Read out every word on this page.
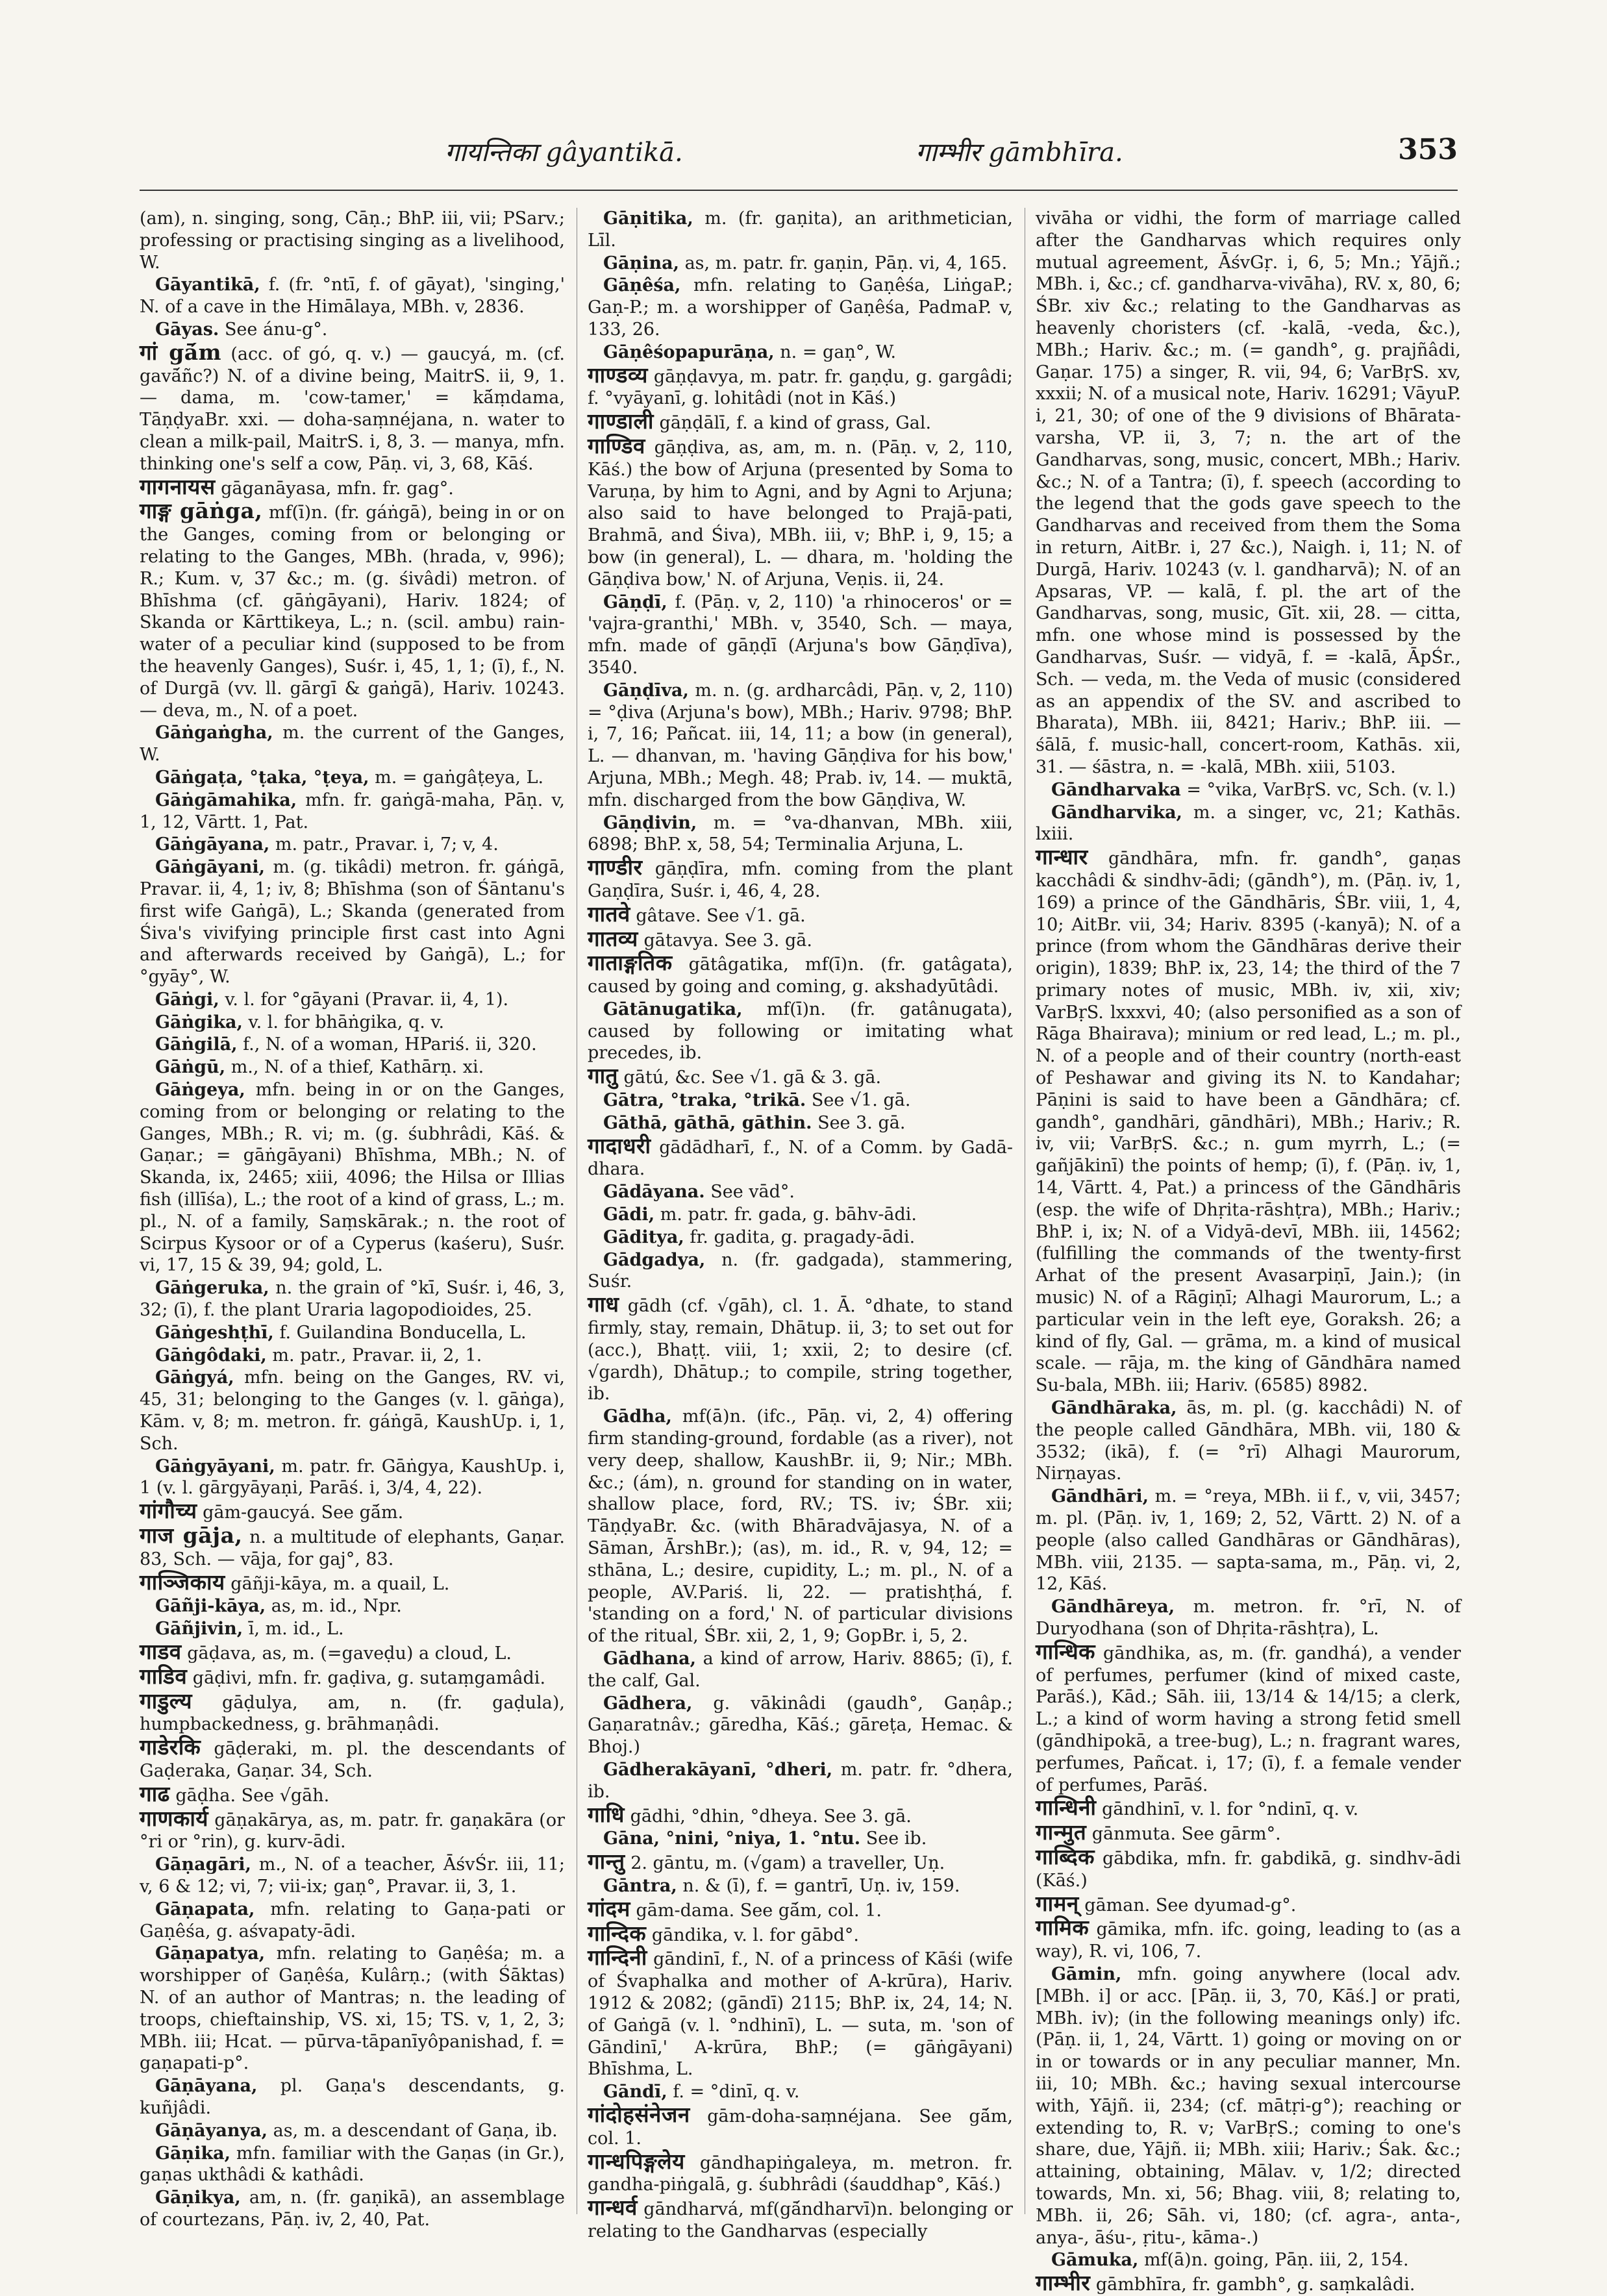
गायन्तिका gâyantikā.	गाम्भीर gāmbhīra.	353
(am), n. singing, song, Cāṇ.; BhP. iii, vii; PSarv.; professing or practising singing as a livelihood, W.
Gāyantikā, f. (fr. °ntī, f. of gāyat), 'singing,' N. of a cave in the Himālaya, MBh. v, 2836.
Gāyas. See ánu-g°.
गां gā́m (acc. of gó, q. v.) — gaucyá, m. (cf. gavā́ñc?) N. of a divine being, MaitrS. ii, 9, 1. — dama, m. 'cow-tamer,' = kā́ṃdama, TāṇḍyaBr. xxi. — doha-saṃnéjana, n. water to clean a milk-pail, MaitrS. i, 8, 3. — manya, mfn. thinking one's self a cow, Pāṇ. vi, 3, 68, Kāś.
गागनायस gāganāyasa, mfn. fr. gag°.
गाङ्ग gāṅga, mf(ī)n. (fr. gáṅgā), being in or on the Ganges, coming from or belonging or relating to the Ganges, MBh. (hrada, v, 996); R.; Kum. v, 37 &c.; m. (g. śivâdi) metron. of Bhīshma (cf. gāṅgāyani), Hariv. 1824; of Skanda or Kārttikeya, L.; n. (scil. ambu) rain-water of a peculiar kind (supposed to be from the heavenly Ganges), Suśr. i, 45, 1, 1; (ī), f., N. of Durgā (vv. ll. gārgī & gaṅgā), Hariv. 10243. — deva, m., N. of a poet.
Gāṅgaṅgha, m. the current of the Ganges, W.
Gāṅgaṭa, °ṭaka, °ṭeya, m. = gaṅgâṭeya, L.
Gāṅgāmahika, mfn. fr. gaṅgā-maha, Pāṇ. v, 1, 12, Vārtt. 1, Pat.
Gāṅgāyana, m. patr., Pravar. i, 7; v, 4.
Gāṅgāyani, m. (g. tikâdi) metron. fr. gáṅgā, Pravar. ii, 4, 1; iv, 8; Bhīshma (son of Śāntanu's first wife Gaṅgā), L.; Skanda (generated from Śiva's vivifying principle first cast into Agni and afterwards received by Gaṅgā), L.; for °gyāy°, W.
Gāṅgi, v. l. for °gāyani (Pravar. ii, 4, 1).
Gāṅgika, v. l. for bhāṅgika, q. v.
Gāṅgilā, f., N. of a woman, HPariś. ii, 320.
Gāṅgū, m., N. of a thief, Kathārṇ. xi.
Gāṅgeya, mfn. being in or on the Ganges, coming from or belonging or relating to the Ganges, MBh.; R. vi; m. (g. śubhrâdi, Kāś. & Gaṇar.; = gāṅgāyani) Bhīshma, MBh.; N. of Skanda, ix, 2465; xiii, 4096; the Hilsa or Illias fish (illīśa), L.; the root of a kind of grass, L.; m. pl., N. of a family, Saṃskārak.; n. the root of Scirpus Kysoor or of a Cyperus (kaśeru), Suśr. vi, 17, 15 & 39, 94; gold, L.
Gāṅgeruka, n. the grain of °kī, Suśr. i, 46, 3, 32; (ī), f. the plant Uraria lagopodioides, 25.
Gāṅgeshṭhī, f. Guilandina Bonducella, L.
Gāṅgôdaki, m. patr., Pravar. ii, 2, 1.
Gāṅgyá, mfn. being on the Ganges, RV. vi, 45, 31; belonging to the Ganges (v. l. gāṅga), Kām. v, 8; m. metron. fr. gáṅgā, KaushUp. i, 1, Sch.
Gāṅgyāyani, m. patr. fr. Gāṅgya, KaushUp. i, 1 (v. l. gārgyāyaṇi, Parāś. i, 3/4, 4, 22).
गांगौच्य gām-gaucyá. See gā́m.
गाज gāja, n. a multitude of elephants, Gaṇar. 83, Sch. — vāja, for gaj°, 83.
गाञ्जिकाय gāñji-kāya, m. a quail, L.
Gāñji-kāya, as, m. id., Npr.
Gāñjivin, ī, m. id., L.
गाडव gāḍava, as, m. (=gaveḍu) a cloud, L.
गाडिव gāḍivi, mfn. fr. gaḍiva, g. sutaṃgamâdi.
गाडुल्य gāḍulya, am, n. (fr. gaḍula), humpbackedness, g. brāhmaṇâdi.
गाडेरकि gāḍeraki, m. pl. the descendants of Gaḍeraka, Gaṇar. 34, Sch.
गाढ gāḍha. See √gāh.
गाणकार्य gāṇakārya, as, m. patr. fr. gaṇakāra (or °ri or °rin), g. kurv-ādi.
Gāṇagāri, m., N. of a teacher, ĀśvŚr. iii, 11; v, 6 & 12; vi, 7; vii-ix; gaṇ°, Pravar. ii, 3, 1.
Gāṇapata, mfn. relating to Gaṇa-pati or Gaṇêśa, g. aśvapaty-ādi.
Gāṇapatya, mfn. relating to Gaṇêśa; m. a worshipper of Gaṇêśa, Kulârṇ.; (with Śāktas) N. of an author of Mantras; n. the leading of troops, chieftainship, VS. xi, 15; TS. v, 1, 2, 3; MBh. iii; Hcat. — pūrva-tāpanīyôpanishad, f. = gaṇapati-p°.
Gāṇāyana, pl. Gaṇa's descendants, g. kuñjâdi.
Gāṇāyanya, as, m. a descendant of Gaṇa, ib.
Gāṇika, mfn. familiar with the Gaṇas (in Gr.), gaṇas ukthâdi & kathâdi.
Gāṇikya, am, n. (fr. gaṇikā), an assemblage of courtezans, Pāṇ. iv, 2, 40, Pat.
Gāṇitika, m. (fr. gaṇita), an arithmetician, Līl.
Gāṇina, as, m. patr. fr. gaṇin, Pāṇ. vi, 4, 165.
Gāṇêśa, mfn. relating to Gaṇêśa, LiṅgaP.; Gaṇ-P.; m. a worshipper of Gaṇêśa, PadmaP. v, 133, 26.
Gāṇêśopapurāṇa, n. = gaṇ°, W.
गाण्डव्य gāṇḍavya, m. patr. fr. gaṇḍu, g. gargâdi; f. °vyāyanī, g. lohitâdi (not in Kāś.)
गाण्डाली gāṇḍālī, f. a kind of grass, Gal.
गाण्डिव gāṇḍiva, as, am, m. n. (Pāṇ. v, 2, 110, Kāś.) the bow of Arjuna (presented by Soma to Varuṇa, by him to Agni, and by Agni to Arjuna; also said to have belonged to Prajā-pati, Brahmā, and Śiva), MBh. iii, v; BhP. i, 9, 15; a bow (in general), L. — dhara, m. 'holding the Gāṇḍiva bow,' N. of Arjuna, Veṇis. ii, 24.
Gāṇḍī, f. (Pāṇ. v, 2, 110) 'a rhinoceros' or = 'vajra-granthi,' MBh. v, 3540, Sch. — maya, mfn. made of gāṇḍī (Arjuna's bow Gāṇḍīva), 3540.
Gāṇḍīva, m. n. (g. ardharcâdi, Pāṇ. v, 2, 110) = °ḍiva (Arjuna's bow), MBh.; Hariv. 9798; BhP. i, 7, 16; Pañcat. iii, 14, 11; a bow (in general), L. — dhanvan, m. 'having Gāṇḍiva for his bow,' Arjuna, MBh.; Megh. 48; Prab. iv, 14. — muktā, mfn. discharged from the bow Gāṇḍiva, W.
Gāṇḍivin, m. = °va-dhanvan, MBh. xiii, 6898; BhP. x, 58, 54; Terminalia Arjuna, L.
गाण्डीर gāṇḍīra, mfn. coming from the plant Gaṇḍīra, Suśr. i, 46, 4, 28.
गातवे gâtave. See √1. gā.
गातव्य gātavya. See 3. gā.
गाताङ्गतिक gātâgatika, mf(ī)n. (fr. gatâgata), caused by going and coming, g. akshadyūtâdi.
Gātānugatika, mf(ī)n. (fr. gatânugata), caused by following or imitating what precedes, ib.
गातु gātú, &c. See √1. gā & 3. gā.
Gātra, °traka, °trikā. See √1. gā.
Gāthā, gāthā, gāthin. See 3. gā.
गादाधरी gādādharī, f., N. of a Comm. by Gadā-dhara.
Gādāyana. See vād°.
Gādi, m. patr. fr. gada, g. bāhv-ādi.
Gāditya, fr. gadita, g. pragady-ādi.
Gādgadya, n. (fr. gadgada), stammering, Suśr.
गाध gādh (cf. √gāh), cl. 1. Ā. °dhate, to stand firmly, stay, remain, Dhātup. ii, 3; to set out for (acc.), Bhaṭṭ. viii, 1; xxii, 2; to desire (cf. √gardh), Dhātup.; to compile, string together, ib.
Gādha, mf(ā)n. (ifc., Pāṇ. vi, 2, 4) offering firm standing-ground, fordable (as a river), not very deep, shallow, KaushBr. ii, 9; Nir.; MBh. &c.; (ám), n. ground for standing on in water, shallow place, ford, RV.; TS. iv; ŚBr. xii; TāṇḍyaBr. &c. (with Bhāradvājasya, N. of a Sāman, ĀrshBr.); (as), m. id., R. v, 94, 12; = sthāna, L.; desire, cupidity, L.; m. pl., N. of a people, AV.Pariś. li, 22. — pratishṭhá, f. 'standing on a ford,' N. of particular divisions of the ritual, ŚBr. xii, 2, 1, 9; GopBr. i, 5, 2.
Gādhana, a kind of arrow, Hariv. 8865; (ī), f. the calf, Gal.
Gādhera, g. vākinâdi (gaudh°, Gaṇâp.; Gaṇaratnâv.; gāredha, Kāś.; gāreṭa, Hemac. & Bhoj.)
Gādherakāyanī, °dheri, m. patr. fr. °dhera, ib.
गाधि gādhi, °dhin, °dheya. See 3. gā.
Gāna, °nini, °niya, 1. °ntu. See ib.
गान्तु 2. gāntu, m. (√gam) a traveller, Uṇ.
Gāntra, n. & (ī), f. = gantrī, Uṇ. iv, 159.
गांदम gām-dama. See gā́m, col. 1.
गान्दिक gāndika, v. l. for gābd°.
गान्दिनी gāndinī, f., N. of a princess of Kāśi (wife of Śvaphalka and mother of A-krūra), Hariv. 1912 & 2082; (gāndī) 2115; BhP. ix, 24, 14; N. of Gaṅgā (v. l. °ndhinī), L. — suta, m. 'son of Gāndinī,' A-krūra, BhP.; (= gāṅgāyani) Bhīshma, L.
Gāndī, f. = °dinī, q. v.
गांदोहसंनेजन gām-doha-saṃnéjana. See gā́m, col. 1.
गान्धपिङ्गलेय gāndhapiṅgaleya, m. metron. fr. gandha-piṅgalā, g. śubhrâdi (śauddhap°, Kāś.)
गान्धर्व gāndharvá, mf(gā́ndharvī)n. belonging or relating to the Gandharvas (especially
vivāha or vidhi, the form of marriage called after the Gandharvas which requires only mutual agreement, ĀśvGṛ. i, 6, 5; Mn.; Yājñ.; MBh. i, &c.; cf. gandharva-vivāha), RV. x, 80, 6; ŚBr. xiv &c.; relating to the Gandharvas as heavenly choristers (cf. -kalā, -veda, &c.), MBh.; Hariv. &c.; m. (= gandh°, g. prajñâdi, Gaṇar. 175) a singer, R. vii, 94, 6; VarBṛS. xv, xxxii; N. of a musical note, Hariv. 16291; VāyuP. i, 21, 30; of one of the 9 divisions of Bhārata-varsha, VP. ii, 3, 7; n. the art of the Gandharvas, song, music, concert, MBh.; Hariv. &c.; N. of a Tantra; (ī), f. speech (according to the legend that the gods gave speech to the Gandharvas and received from them the Soma in return, AitBr. i, 27 &c.), Naigh. i, 11; N. of Durgā, Hariv. 10243 (v. l. gandharvā); N. of an Apsaras, VP. — kalā, f. pl. the art of the Gandharvas, song, music, Gīt. xii, 28. — citta, mfn. one whose mind is possessed by the Gandharvas, Suśr. — vidyā, f. = -kalā, ĀpŚr., Sch. — veda, m. the Veda of music (considered as an appendix of the SV. and ascribed to Bharata), MBh. iii, 8421; Hariv.; BhP. iii. — śālā, f. music-hall, concert-room, Kathās. xii, 31. — śāstra, n. = -kalā, MBh. xiii, 5103.
Gāndharvaka = °vika, VarBṛS. vc, Sch. (v. l.)
Gāndharvika, m. a singer, vc, 21; Kathās. lxiii.
गान्धार gāndhāra, mfn. fr. gandh°, gaṇas kacchâdi & sindhv-ādi; (gāndh°), m. (Pāṇ. iv, 1, 169) a prince of the Gāndhāris, ŚBr. viii, 1, 4, 10; AitBr. vii, 34; Hariv. 8395 (-kanyā); N. of a prince (from whom the Gāndhāras derive their origin), 1839; BhP. ix, 23, 14; the third of the 7 primary notes of music, MBh. iv, xii, xiv; VarBṛS. lxxxvi, 40; (also personified as a son of Rāga Bhairava); minium or red lead, L.; m. pl., N. of a people and of their country (north-east of Peshawar and giving its N. to Kandahar; Pāṇini is said to have been a Gāndhāra; cf. gandh°, gandhāri, gāndhāri), MBh.; Hariv.; R. iv, vii; VarBṛS. &c.; n. gum myrrh, L.; (= gañjākinī) the points of hemp; (ī), f. (Pāṇ. iv, 1, 14, Vārtt. 4, Pat.) a princess of the Gāndhāris (esp. the wife of Dhṛita-rāshṭra), MBh.; Hariv.; BhP. i, ix; N. of a Vidyā-devī, MBh. iii, 14562; (fulfilling the commands of the twenty-first Arhat of the present Avasarpiṇī, Jain.); (in music) N. of a Rāgiṇī; Alhagi Maurorum, L.; a particular vein in the left eye, Goraksh. 26; a kind of fly, Gal. — grāma, m. a kind of musical scale. — rāja, m. the king of Gāndhāra named Su-bala, MBh. iii; Hariv. (6585) 8982.
Gāndhāraka, ās, m. pl. (g. kacchâdi) N. of the people called Gāndhāra, MBh. vii, 180 & 3532; (ikā), f. (= °rī) Alhagi Maurorum, Nirṇayas.
Gāndhāri, m. = °reya, MBh. ii f., v, vii, 3457; m. pl. (Pāṇ. iv, 1, 169; 2, 52, Vārtt. 2) N. of a people (also called Gandhāras or Gāndhāras), MBh. viii, 2135. — sapta-sama, m., Pāṇ. vi, 2, 12, Kāś.
Gāndhāreya, m. metron. fr. °rī, N. of Duryodhana (son of Dhṛita-rāshṭra), L.
गान्धिक gāndhika, as, m. (fr. gandhá), a vender of perfumes, perfumer (kind of mixed caste, Parāś.), Kād.; Sāh. iii, 13/14 & 14/15; a clerk, L.; a kind of worm having a strong fetid smell (gāndhipokā, a tree-bug), L.; n. fragrant wares, perfumes, Pañcat. i, 17; (ī), f. a female vender of perfumes, Parāś.
गान्धिनी gāndhinī, v. l. for °ndinī, q. v.
गान्मुत gānmuta. See gārm°.
गाब्दिक gābdika, mfn. fr. gabdikā, g. sindhv-ādi (Kāś.)
गामन् gāman. See dyumad-g°.
गामिक gāmika, mfn. ifc. going, leading to (as a way), R. vi, 106, 7.
Gāmin, mfn. going anywhere (local adv. [MBh. i] or acc. [Pāṇ. ii, 3, 70, Kāś.] or prati, MBh. iv); (in the following meanings only) ifc. (Pāṇ. ii, 1, 24, Vārtt. 1) going or moving on or in or towards or in any peculiar manner, Mn. iii, 10; MBh. &c.; having sexual intercourse with, Yājñ. ii, 234; (cf. mātṛi-g°); reaching or extending to, R. v; VarBṛS.; coming to one's share, due, Yājñ. ii; MBh. xiii; Hariv.; Śak. &c.; attaining, obtaining, Mālav. v, 1/2; directed towards, Mn. xi, 56; Bhag. viii, 8; relating to, MBh. ii, 26; Sāh. vi, 180; (cf. agra-, anta-, anya-, āśu-, ṛitu-, kāma-.)
Gāmuka, mf(ā)n. going, Pāṇ. iii, 2, 154.
गाम्भीर gāmbhīra, fr. gambh°, g. saṃkalâdi.
